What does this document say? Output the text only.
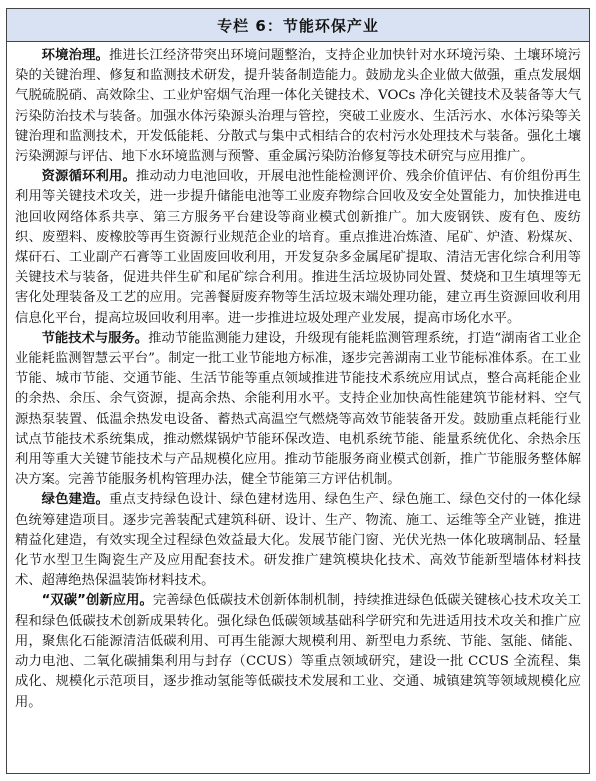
专栏 6：节能环保产业

环境治理。推进长江经济带突出环境问题整治，支持企业加快针对水环境污染、土壤环境污染的关键治理、修复和监测技术研发，提升装备制造能力。鼓励龙头企业做大做强，重点发展烟气脱硫脱硝、高效除尘、工业炉窑烟气治理一体化关键技术、VOCs 净化关键技术及装备等大气污染防治技术与装备。加强水体污染源头治理与管控，突破工业废水、生活污水、水体污染等关键治理和监测技术，开发低能耗、分散式与集中式相结合的农村污水处理技术与装备。强化土壤污染溯源与评估、地下水环境监测与预警、重金属污染防治修复等技术研究与应用推广。

资源循环利用。推动动力电池回收，开展电池性能检测评价、残余价值评估、有价组份再生利用等关键技术攻关，进一步提升储能电池等工业废弃物综合回收及安全处置能力，加快推进电池回收网络体系共享、第三方服务平台建设等商业模式创新推广。加大废钢铁、废有色、废纺织、废塑料、废橡胶等再生资源行业规范企业的培育。重点推进冶炼渣、尾矿、炉渣、粉煤灰、煤矸石、工业副产石膏等工业固废回收利用，开发复杂多金属尾矿提取、清洁无害化综合利用等关键技术与装备，促进共伴生矿和尾矿综合利用。推进生活垃圾协同处置、焚烧和卫生填埋等无害化处理装备及工艺的应用。完善餐厨废弃物等生活垃圾末端处理功能，建立再生资源回收利用信息化平台，提高垃圾回收利用率。进一步推进垃圾处理产业发展，提高市场化水平。

节能技术与服务。推动节能监测能力建设，升级现有能耗监测管理系统，打造“湖南省工业企业能耗监测智慧云平台”。制定一批工业节能地方标准，逐步完善湖南工业节能标准体系。在工业节能、城市节能、交通节能、生活节能等重点领域推进节能技术系统应用试点，整合高耗能企业的余热、余压、余气资源，提高余热、余能利用水平。支持企业加快高性能建筑节能材料、空气源热泵装置、低温余热发电设备、蓄热式高温空气燃烧等高效节能装备开发。鼓励重点耗能行业试点节能技术系统集成，推动燃煤锅炉节能环保改造、电机系统节能、能量系统优化、余热余压利用等重大关键节能技术与产品规模化应用。推动节能服务商业模式创新，推广节能服务整体解决方案。完善节能服务机构管理办法，健全节能第三方评估机制。

绿色建造。重点支持绿色设计、绿色建材选用、绿色生产、绿色施工、绿色交付的一体化绿色统筹建造项目。逐步完善装配式建筑科研、设计、生产、物流、施工、运维等全产业链，推进精益化建造，有效实现全过程绿色效益最大化。发展节能门窗、光伏光热一体化玻璃制品、轻量化节水型卫生陶瓷生产及应用配套技术。研发推广建筑模块化技术、高效节能新型墙体材料技术、超薄绝热保温装饰材料技术。

“双碳”创新应用。完善绿色低碳技术创新体制机制，持续推进绿色低碳关键核心技术攻关工程和绿色低碳技术创新成果转化。强化绿色低碳领域基础科学研究和先进适用技术攻关和推广应用，聚焦化石能源清洁低碳利用、可再生能源大规模利用、新型电力系统、节能、氢能、储能、动力电池、二氧化碳捕集利用与封存（CCUS）等重点领域研究，建设一批 CCUS 全流程、集成化、规模化示范项目，逐步推动氢能等低碳技术发展和工业、交通、城镇建筑等领域规模化应用。
